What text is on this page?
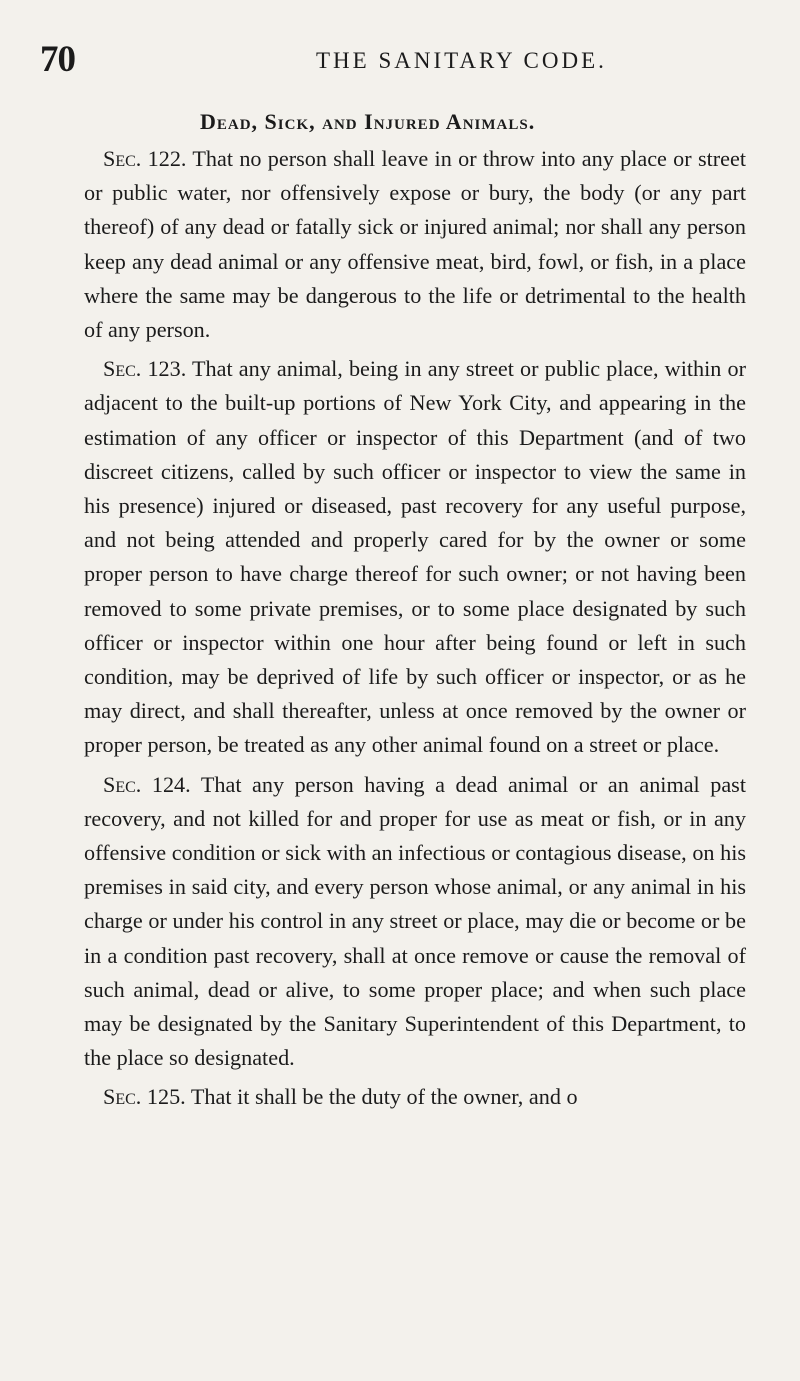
70	THE SANITARY CODE.
Dead, Sick, and Injured Animals.

Sec. 122. That no person shall leave in or throw into any place or street or public water, nor offensively expose or bury, the body (or any part thereof) of any dead or fatally sick or injured animal; nor shall any person keep any dead animal or any offensive meat, bird, fowl, or fish, in a place where the same may be dangerous to the life or detrimental to the health of any person.

Sec. 123. That any animal, being in any street or public place, within or adjacent to the built-up portions of New York City, and appearing in the estimation of any officer or inspector of this Department (and of two discreet citizens, called by such officer or inspector to view the same in his presence) injured or diseased, past recovery for any useful purpose, and not being attended and properly cared for by the owner or some proper person to have charge thereof for such owner; or not having been removed to some private premises, or to some place designated by such officer or inspector within one hour after being found or left in such condition, may be deprived of life by such officer or inspector, or as he may direct, and shall thereafter, unless at once removed by the owner or proper person, be treated as any other animal found on a street or place.

Sec. 124. That any person having a dead animal or an animal past recovery, and not killed for and proper for use as meat or fish, or in any offensive condition or sick with an infectious or contagious disease, on his premises in said city, and every person whose animal, or any animal in his charge or under his control in any street or place, may die or become or be in a condition past recovery, shall at once remove or cause the removal of such animal, dead or alive, to some proper place; and when such place may be designated by the Sanitary Superintendent of this Department, to the place so designated.

Sec. 125. That it shall be the duty of the owner, and o
